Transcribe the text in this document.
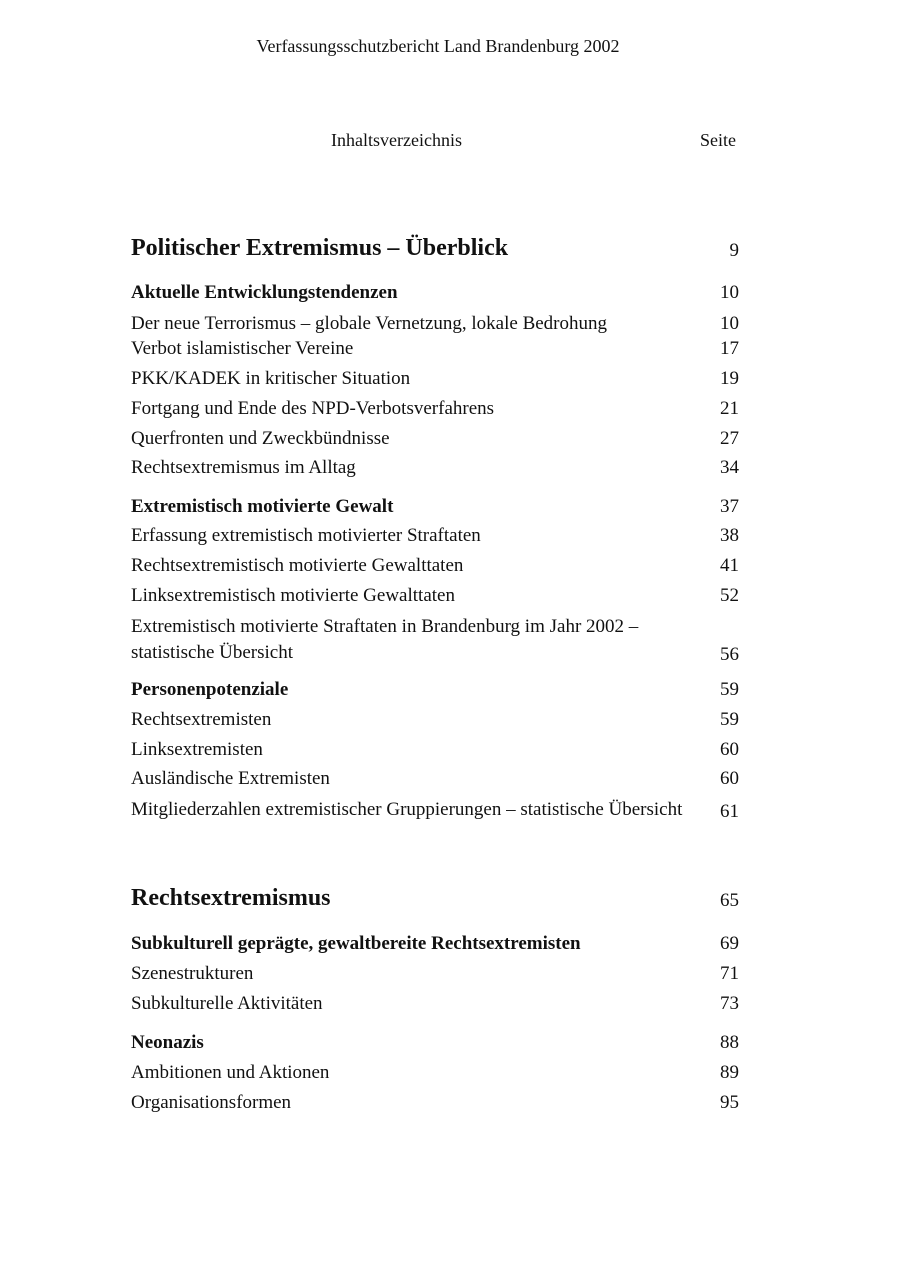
Verfassungsschutzbericht Land Brandenburg 2002
Inhaltsverzeichnis	Seite
Politischer Extremismus – Überblick	9
Aktuelle Entwicklungstendenzen	10
Der neue Terrorismus – globale Vernetzung, lokale Bedrohung	10
Verbot islamistischer Vereine	17
PKK/KADEK in kritischer Situation	19
Fortgang und Ende des NPD-Verbotsverfahrens	21
Querfronten und Zweckbündnisse	27
Rechtsextremismus im Alltag	34
Extremistisch motivierte Gewalt	37
Erfassung extremistisch motivierter Straftaten	38
Rechtsextremistisch motivierte Gewalttaten	41
Linksextremistisch motivierte Gewalttaten	52
Extremistisch motivierte Straftaten in Brandenburg im Jahr 2002 – statistische Übersicht	56
Personenpotenziale	59
Rechtsextremisten	59
Linksextremisten	60
Ausländische Extremisten	60
Mitgliederzahlen extremistischer Gruppierungen – statistische Übersicht	61
Rechtsextremismus	65
Subkulturell geprägte, gewaltbereite Rechtsextremisten	69
Szenestrukturen	71
Subkulturelle Aktivitäten	73
Neonazis	88
Ambitionen und Aktionen	89
Organisationsformen	95
